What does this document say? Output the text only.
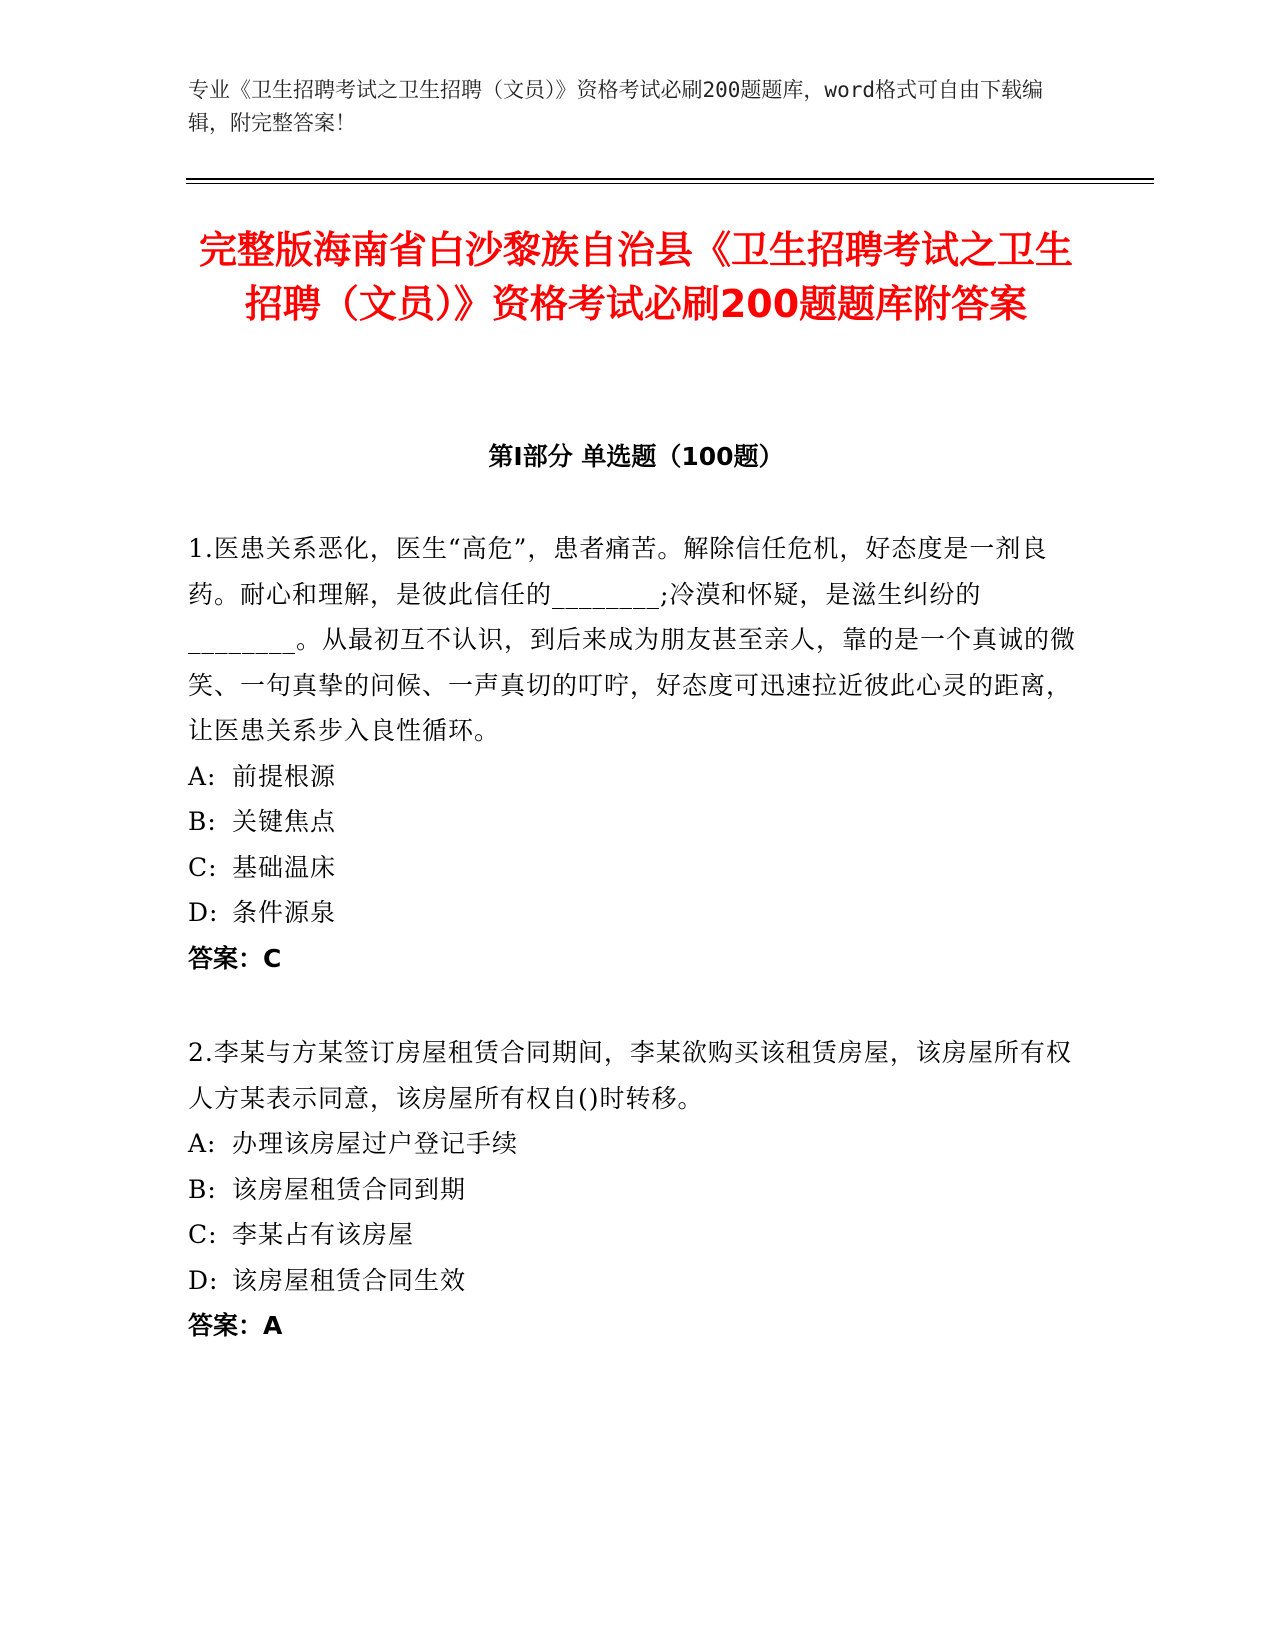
专业《卫生招聘考试之卫生招聘（文员）》资格考试必刷200题题库，word格式可自由下载编辑，附完整答案！
完整版海南省白沙黎族自治县《卫生招聘考试之卫生招聘（文员）》资格考试必刷200题题库附答案
第Ⅰ部分 单选题（100题）
1.医患关系恶化，医生“高危”，患者痛苦。解除信任危机，好态度是一剂良药。耐心和理解，是彼此信任的________;冷漠和怀疑，是滋生纠纷的________。从最初互不认识，到后来成为朋友甚至亲人，靠的是一个真诚的微笑、一句真挚的问候、一声真切的叮咛，好态度可迅速拉近彼此心灵的距离，让医患关系步入良性循环。
A: 前提根源
B: 关键焦点
C: 基础温床
D: 条件源泉
答案：C
2.李某与方某签订房屋租赁合同期间，李某欲购买该租赁房屋，该房屋所有权人方某表示同意，该房屋所有权自()时转移。
A: 办理该房屋过户登记手续
B: 该房屋租赁合同到期
C: 李某占有该房屋
D: 该房屋租赁合同生效
答案：A
